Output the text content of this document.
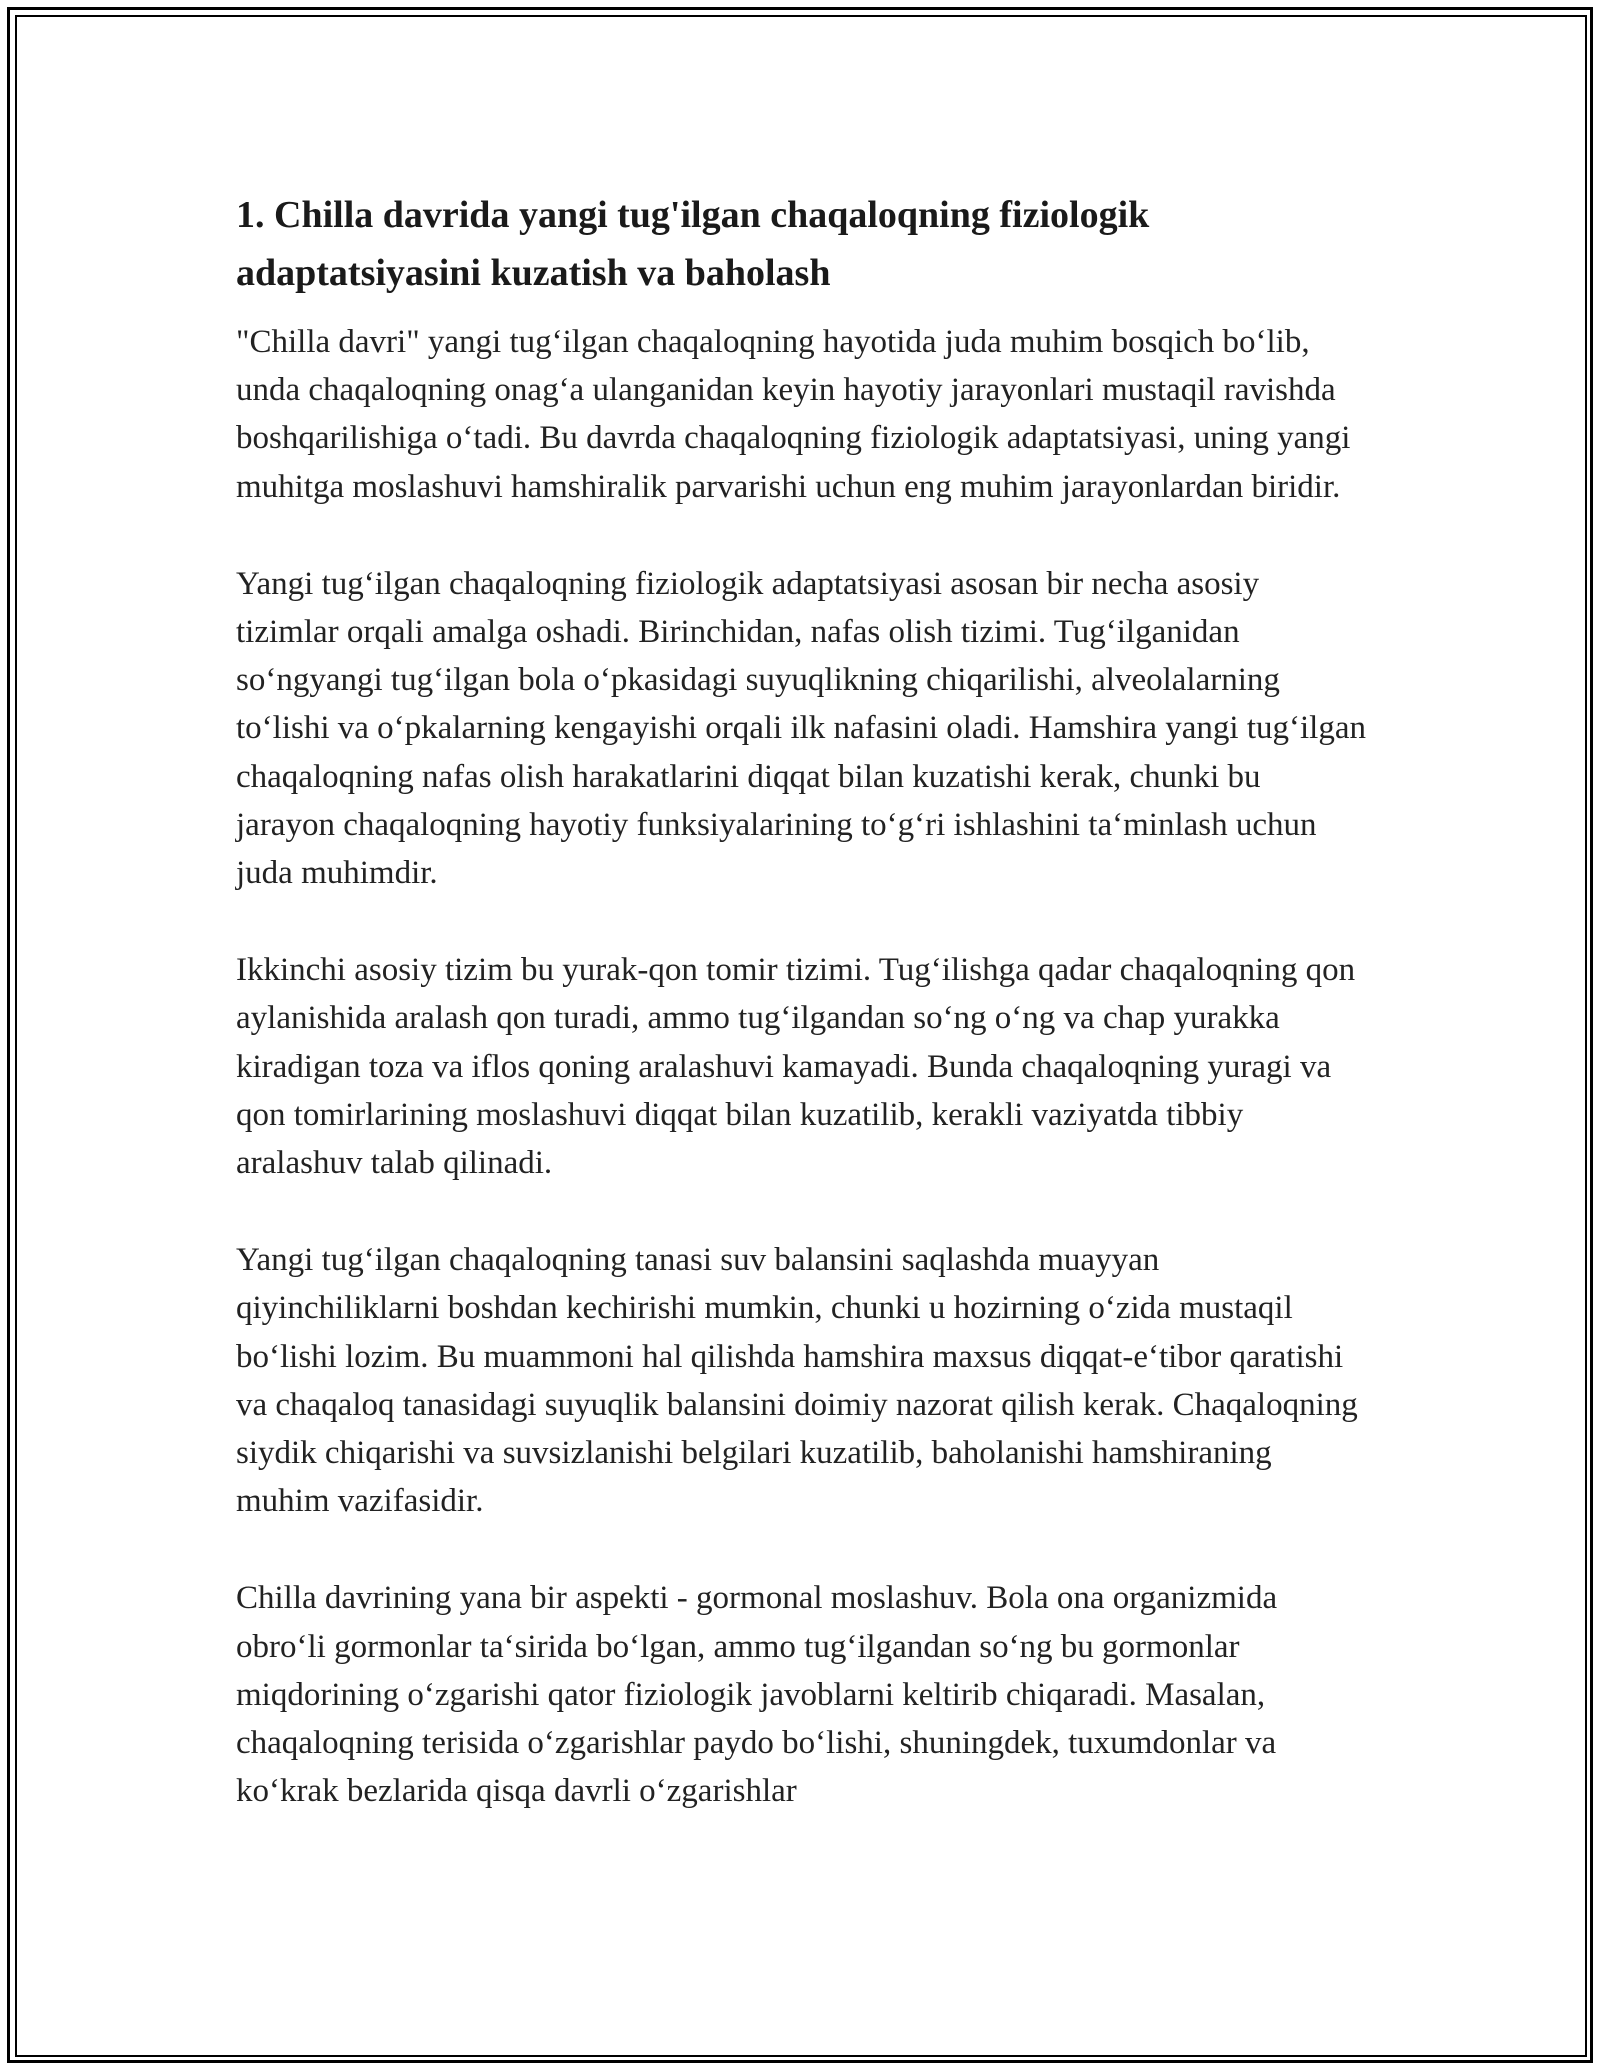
1. Chilla davrida yangi tug'ilgan chaqaloqning fiziologik adaptatsiyasini kuzatish va baholash

"Chilla davri" yangi tug‘ilgan chaqaloqning hayotida juda muhim bosqich bo‘lib, unda chaqaloqning onag‘a ulanganidan keyin hayotiy jarayonlari mustaqil ravishda boshqarilishiga o‘tadi. Bu davrda chaqaloqning fiziologik adaptatsiyasi, uning yangi muhitga moslashuvi hamshiralik parvarishi uchun eng muhim jarayonlardan biridir.

Yangi tug‘ilgan chaqaloqning fiziologik adaptatsiyasi asosan bir necha asosiy tizimlar orqali amalga oshadi. Birinchidan, nafas olish tizimi. Tug‘ilganidan so‘ngyangi tug‘ilgan bola o‘pkasidagi suyuqlikning chiqarilishi, alveolalarning to‘lishi va o‘pkalarning kengayishi orqali ilk nafasini oladi. Hamshira yangi tug‘ilgan chaqaloqning nafas olish harakatlarini diqqat bilan kuzatishi kerak, chunki bu jarayon chaqaloqning hayotiy funksiyalarining to‘g‘ri ishlashini ta‘minlash uchun juda muhimdir.

Ikkinchi asosiy tizim bu yurak-qon tomir tizimi. Tug‘ilishga qadar chaqaloqning qon aylanishida aralash qon turadi, ammo tug‘ilgandan so‘ng o‘ng va chap yurakka kiradigan toza va iflos qoning aralashuvi kamayadi. Bunda chaqaloqning yuragi va qon tomirlarining moslashuvi diqqat bilan kuzatilib, kerakli vaziyatda tibbiy aralashuv talab qilinadi.

Yangi tug‘ilgan chaqaloqning tanasi suv balansini saqlashda muayyan qiyinchiliklarni boshdan kechirishi mumkin, chunki u hozirning o‘zida mustaqil bo‘lishi lozim. Bu muammoni hal qilishda hamshira maxsus diqqat-e‘tibor qaratishi va chaqaloq tanasidagi suyuqlik balansini doimiy nazorat qilish kerak. Chaqaloqning siydik chiqarishi va suvsizlanishi belgilari kuzatilib, baholanishi hamshiraning muhim vazifasidir.

Chilla davrining yana bir aspekti - gormonal moslashuv. Bola ona organizmida obro‘li gormonlar ta‘sirida bo‘lgan, ammo tug‘ilgandan so‘ng bu gormonlar miqdorining o‘zgarishi qator fiziologik javoblarni keltirib chiqaradi. Masalan, chaqaloqning terisida o‘zgarishlar paydo bo‘lishi, shuningdek, tuxumdonlar va ko‘krak bezlarida qisqa davrli o‘zgarishlar
